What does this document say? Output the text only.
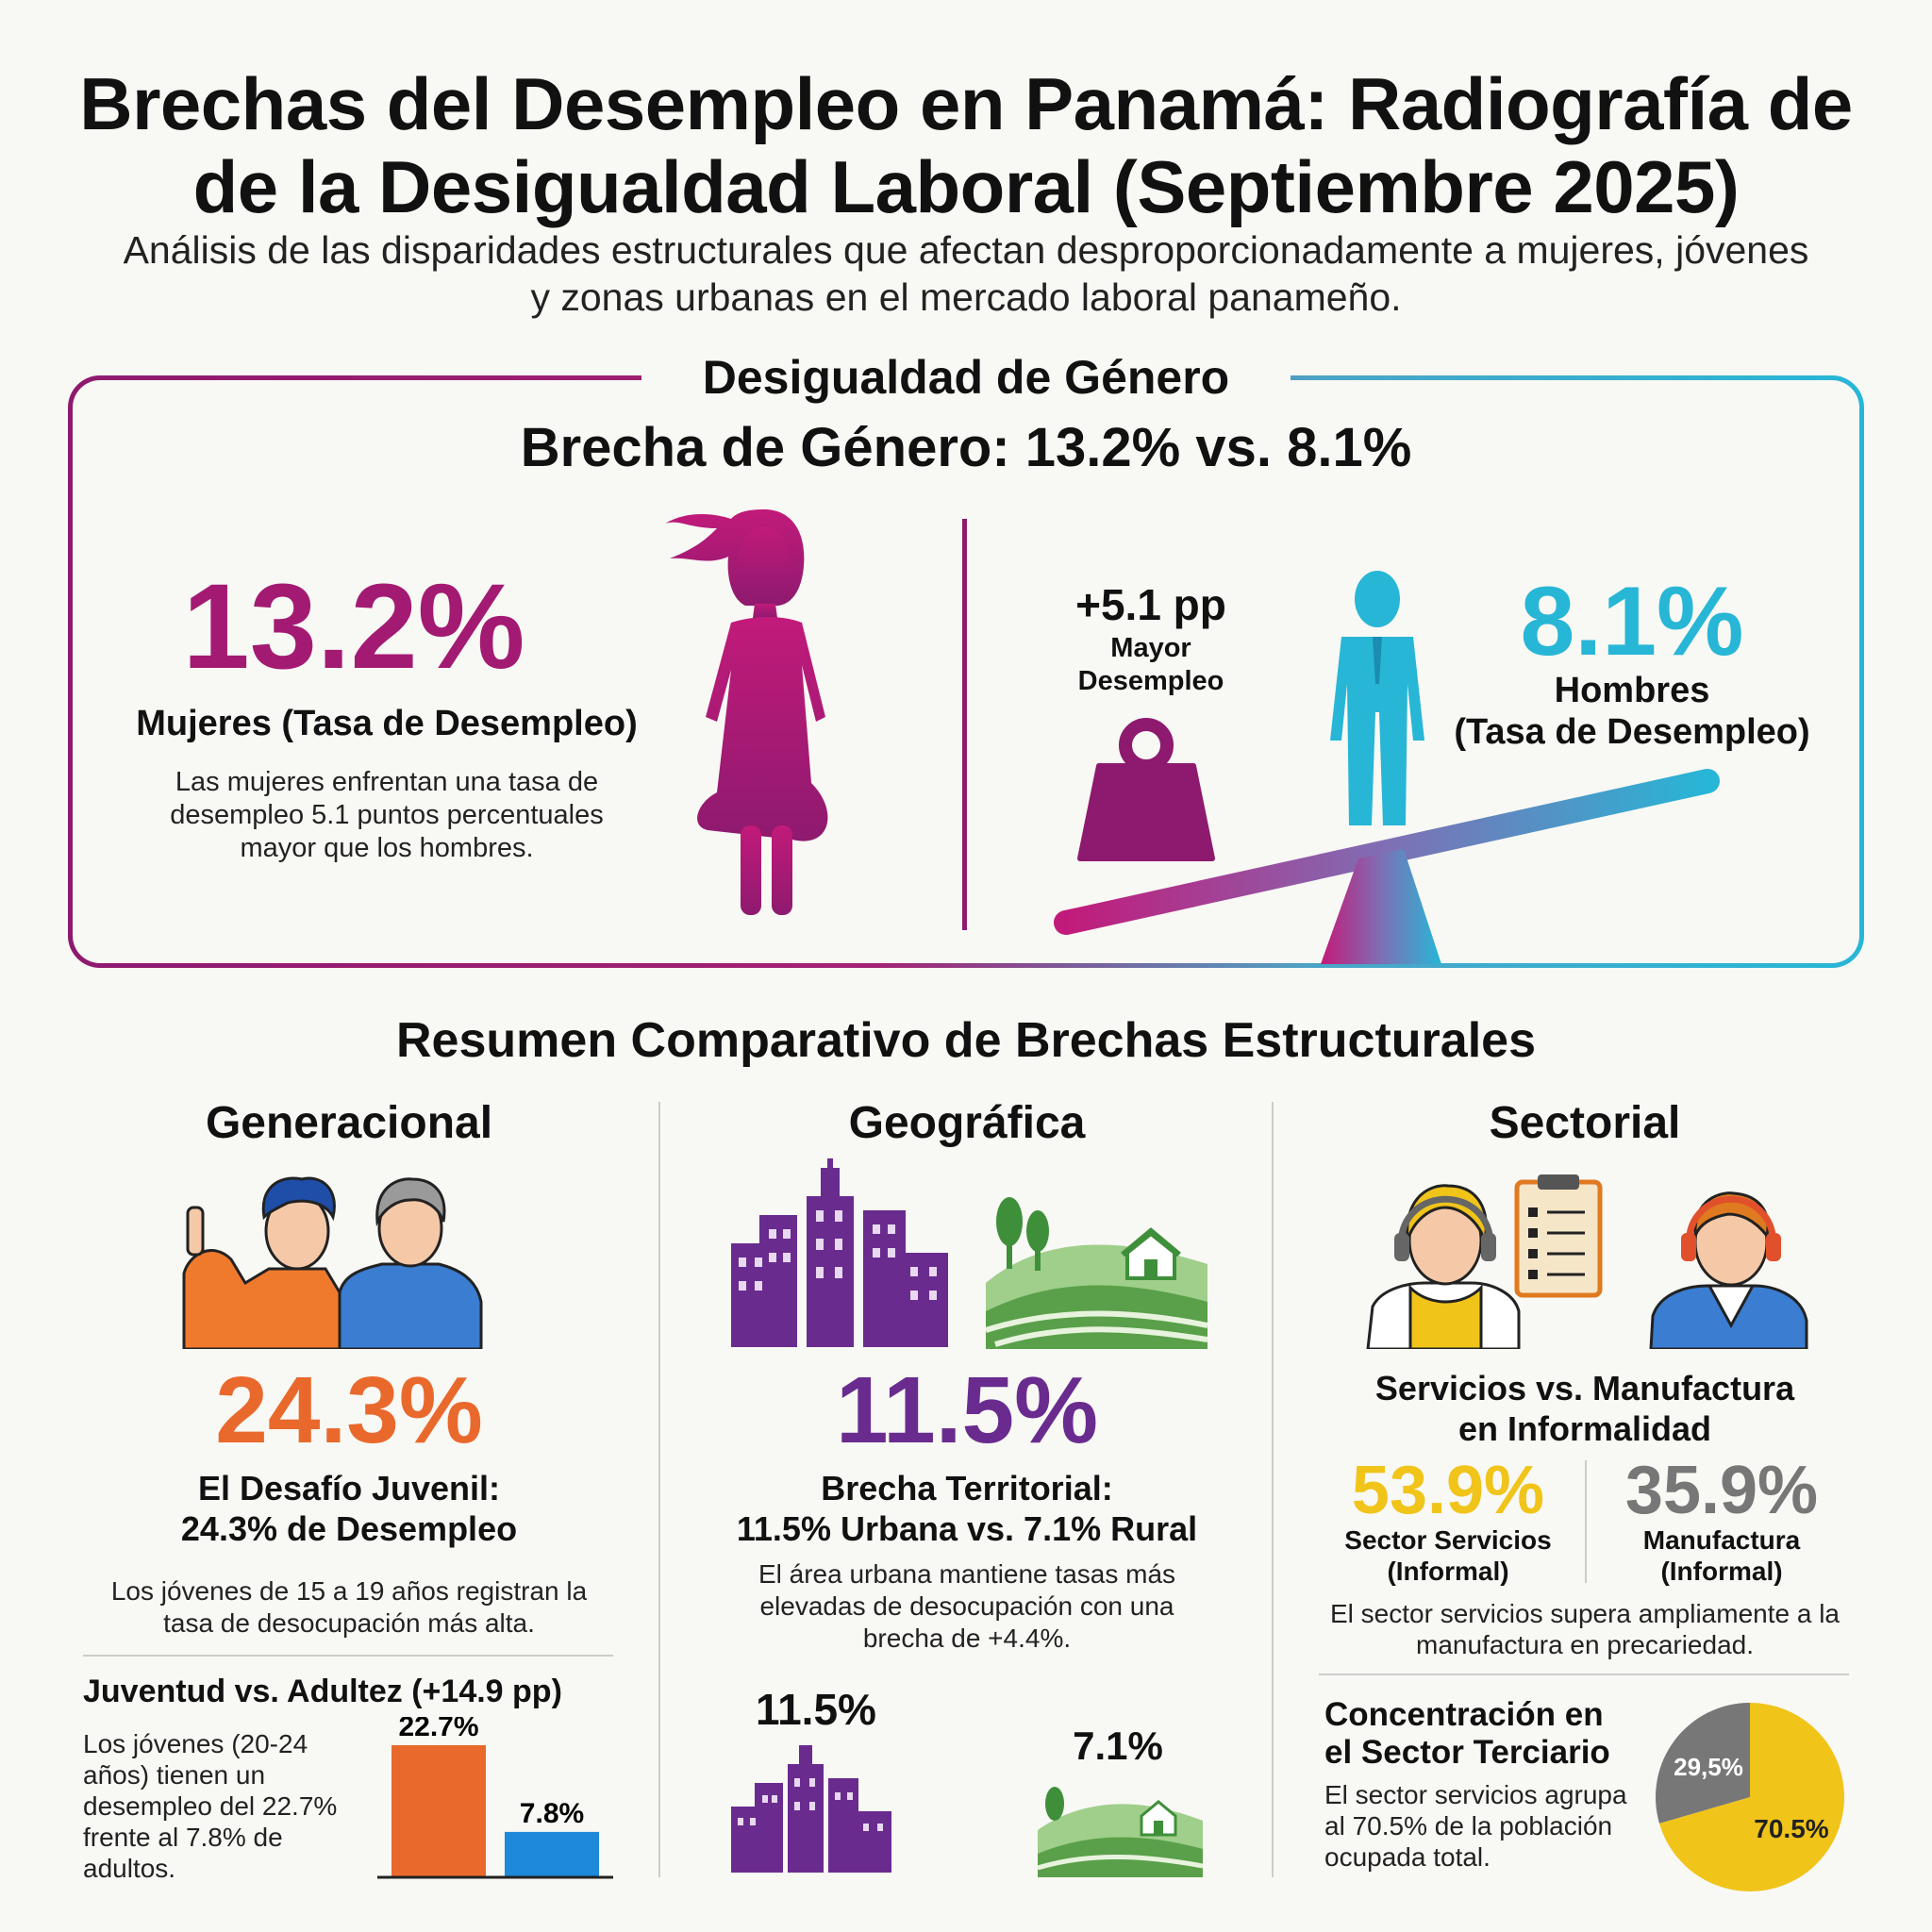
Brechas del Desempleo en Panamá: Radiografía de de la Desigualdad Laboral (Septiembre 2025)
Análisis de las disparidades estructurales que afectan desproporcionadamente a mujeres, jóvenes y zonas urbanas en el mercado laboral panameño.
Desigualdad de Género
Brecha de Género: 13.2% vs. 8.1%
13.2%
Mujeres (Tasa de Desempleo)
Las mujeres enfrentan una tasa de desempleo 5.1 puntos percentuales mayor que los hombres.
+5.1 pp
Mayor Desempleo
8.1%
Hombres
(Tasa de Desempleo)
Resumen Comparativo de Brechas Estructurales
Generacional
24.3%
El Desafío Juvenil:
24.3% de Desempleo
Los jóvenes de 15 a 19 años registran la tasa de desocupación más alta.
Juventud vs. Adultez (+14.9 pp)
Los jóvenes (20-24 años) tienen un desempleo del 22.7% frente al 7.8% de adultos.
22.7%
7.8%
Geográfica
11.5%
Brecha Territorial:
11.5% Urbana vs. 7.1% Rural
El área urbana mantiene tasas más elevadas de desocupación con una brecha de +4.4%.
11.5%
7.1%
Sectorial
Servicios vs. Manufactura
en Informalidad
53.9%
Sector Servicios
(Informal)
35.9%
Manufactura
(Informal)
El sector servicios supera ampliamente a la manufactura en precariedad.
Concentración en
el Sector Terciario
El sector servicios agrupa al 70.5% de la población ocupada total.
70.5%
29,5%
